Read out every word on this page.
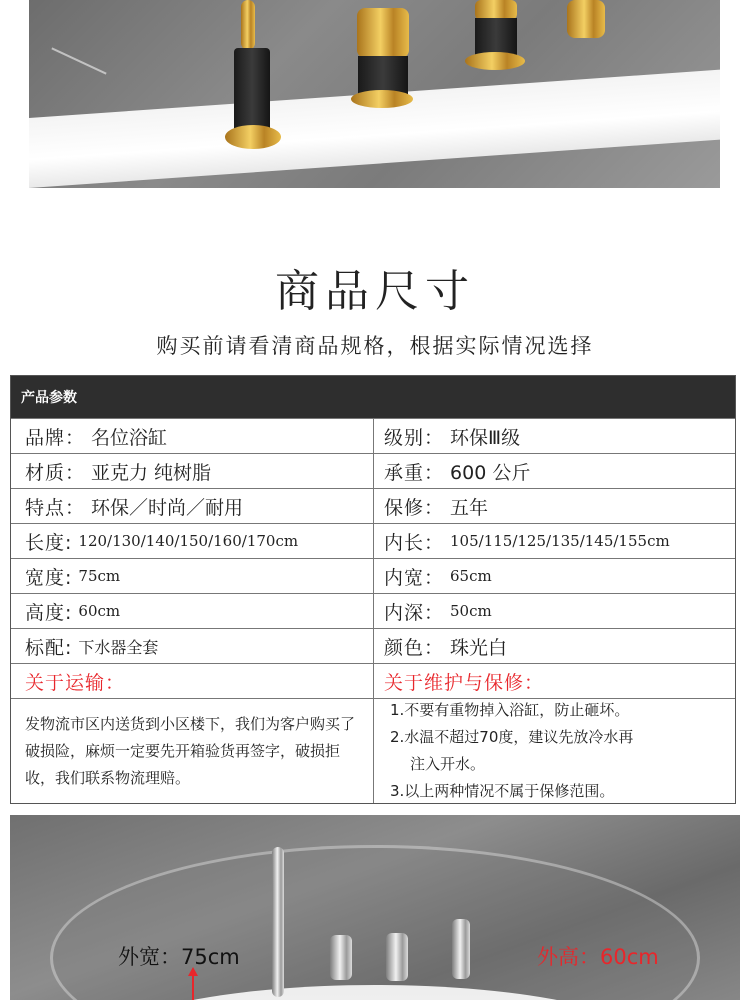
商品尺寸
购买前请看清商品规格，根据实际情况选择
产品参数
品牌： 名位浴缸	级别： 环保Ⅲ级
材质： 亚克力 纯树脂	承重： 600 公斤
特点： 环保／时尚／耐用	保修： 五年
长度: 120/130/140/150/160/170cm	内长： 105/115/125/135/145/155cm
宽度: 75cm	内宽： 65cm
高度: 60cm	内深： 50cm
标配: 下水器全套	颜色： 珠光白
关于运输：	关于维护与保修：
发物流市区内送货到小区楼下，我们为客户购买了破损险，麻烦一定要先开箱验货再签字，破损拒收，我们联系物流理赔。

1.不要有重物掉入浴缸，防止砸坏。

2.水温不超过70度，建议先放冷水再

注入开水。

3.以上两种情况不属于保修范围。

外宽：75cm	外高：60cm
